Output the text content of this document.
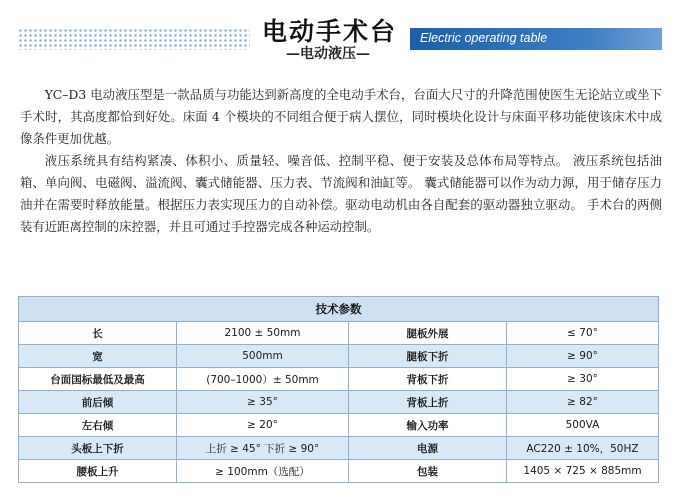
电动手术台
—电动液压—
Electric operating table

YC–D3 电动液压型是一款品质与功能达到新高度的全电动手术台，台面大尺寸的升降范围使医生无论站立或坐下手术时，其高度都恰到好处。床面 4 个模块的不同组合便于病人摆位，同时模块化设计与床面平移功能使该床术中成像条件更加优越。

液压系统具有结构紧凑、体积小、质量轻、噪音低、控制平稳、便于安装及总体布局等特点。 液压系统包括油箱、单向阀、电磁阀、溢流阀、囊式储能器、压力表、节流阀和油缸等。 囊式储能器可以作为动力源，用于储存压力油并在需要时释放能量。根据压力表实现压力的自动补偿。驱动电动机由各自配套的驱动器独立驱动。 手术台的两侧装有近距离控制的床控器，并且可通过手控器完成各种运动控制。

技术参数			
长	2100 ± 50mm	腿板外展	≤ 70°
宽	500mm	腿板下折	≥ 90°
台面国标最低及最高	(700–1000）± 50mm	背板下折	≥ 30°
前后倾	≥ 35°	背板上折	≥ 82°
左右倾	≥ 20°	输入功率	500VA
头板上下折	上折 ≥ 45° 下折 ≥ 90°	电源	AC220 ± 10%，50HZ
腰板上升	≥ 100mm（选配）	包装	1405 × 725 × 885mm
